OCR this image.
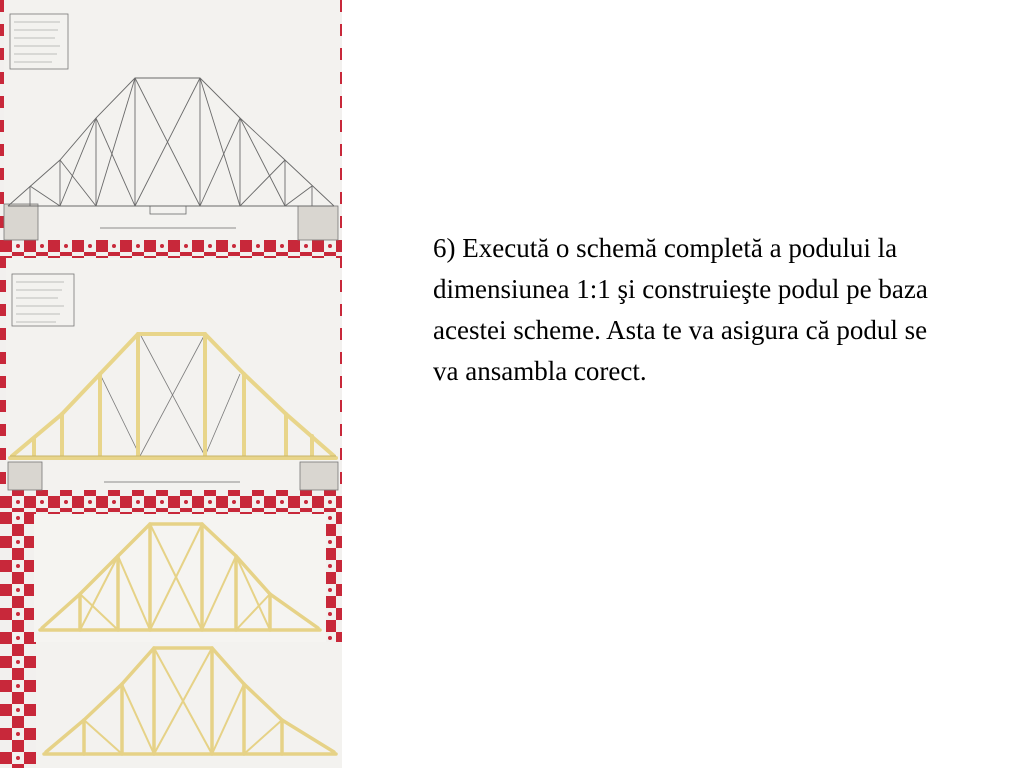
6) Execută o schemă completă a podului la dimensiunea 1:1 şi construieşte podul pe baza acestei scheme. Asta te va asigura că podul se va ansambla corect.
